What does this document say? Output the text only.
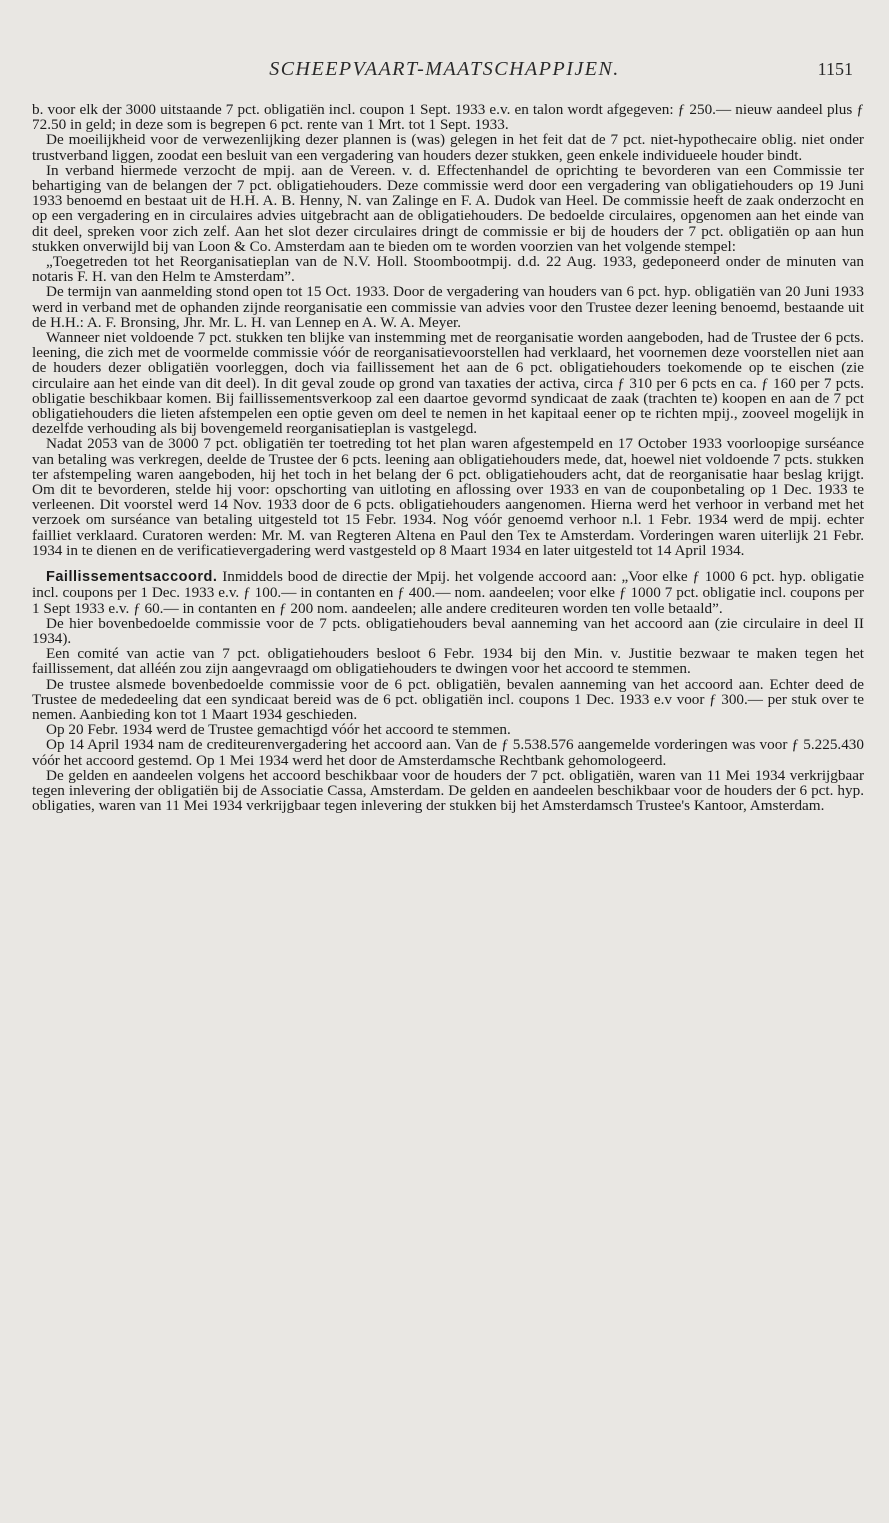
SCHEEPVAART-MAATSCHAPPIJEN.	1151

b. voor elk der 3000 uitstaande 7 pct. obligatiën incl. coupon 1 Sept. 1933 e.v. en talon wordt afgegeven: ƒ 250.— nieuw aandeel plus ƒ 72.50 in geld; in deze som is begrepen 6 pct. rente van 1 Mrt. tot 1 Sept. 1933.

De moeilijkheid voor de verwezenlijking dezer plannen is (was) gelegen in het feit dat de 7 pct. niet-hypothecaire oblig. niet onder trustverband liggen, zoodat een besluit van een vergadering van houders dezer stukken, geen enkele individueele houder bindt.

In verband hiermede verzocht de mpij. aan de Vereen. v. d. Effectenhandel de oprichting te bevorderen van een Commissie ter behartiging van de belangen der 7 pct. obligatiehouders. Deze commissie werd door een vergadering van obligatiehouders op 19 Juni 1933 benoemd en bestaat uit de H.H. A. B. Henny, N. van Zalinge en F. A. Dudok van Heel. De commissie heeft de zaak onderzocht en op een vergadering en in circulaires advies uitgebracht aan de obligatiehouders. De bedoelde circulaires, opgenomen aan het einde van dit deel, spreken voor zich zelf. Aan het slot dezer circulaires dringt de commissie er bij de houders der 7 pct. obligatiën op aan hun stukken onverwijld bij van Loon & Co. Amsterdam aan te bieden om te worden voorzien van het volgende stempel:

„Toegetreden tot het Reorganisatieplan van de N.V. Holl. Stoombootmpij. d.d. 22 Aug. 1933, gedeponeerd onder de minuten van notaris F. H. van den Helm te Amsterdam”.

De termijn van aanmelding stond open tot 15 Oct. 1933. Door de vergadering van houders van 6 pct. hyp. obligatiën van 20 Juni 1933 werd in verband met de ophanden zijnde reorganisatie een commissie van advies voor den Trustee dezer leening benoemd, bestaande uit de H.H.: A. F. Bronsing, Jhr. Mr. L. H. van Lennep en A. W. A. Meyer.

Wanneer niet voldoende 7 pct. stukken ten blijke van instemming met de reorganisatie worden aangeboden, had de Trustee der 6 pcts. leening, die zich met de voormelde commissie vóór de reorganisatievoorstellen had verklaard, het voornemen deze voorstellen niet aan de houders dezer obligatiën voorleggen, doch via faillissement het aan de 6 pct. obligatiehouders toekomende op te eischen (zie circulaire aan het einde van dit deel). In dit geval zoude op grond van taxaties der activa, circa ƒ 310 per 6 pcts en ca. ƒ 160 per 7 pcts. obligatie beschikbaar komen. Bij faillissementsverkoop zal een daartoe gevormd syndicaat de zaak (trachten te) koopen en aan de 7 pct obligatiehouders die lieten afstempelen een optie geven om deel te nemen in het kapitaal eener op te richten mpij., zooveel mogelijk in dezelfde verhouding als bij bovengemeld reorganisatieplan is vastgelegd.

Nadat 2053 van de 3000 7 pct. obligatiën ter toetreding tot het plan waren afgestempeld en 17 October 1933 voorloopige surséance van betaling was verkregen, deelde de Trustee der 6 pcts. leening aan obligatiehouders mede, dat, hoewel niet voldoende 7 pcts. stukken ter afstempeling waren aangeboden, hij het toch in het belang der 6 pct. obligatiehouders acht, dat de reorganisatie haar beslag krijgt. Om dit te bevorderen, stelde hij voor: opschorting van uitloting en aflossing over 1933 en van de couponbetaling op 1 Dec. 1933 te verleenen. Dit voorstel werd 14 Nov. 1933 door de 6 pcts. obligatiehouders aangenomen. Hierna werd het verhoor in verband met het verzoek om surséance van betaling uitgesteld tot 15 Febr. 1934. Nog vóór genoemd verhoor n.l. 1 Febr. 1934 werd de mpij. echter failliet verklaard. Curatoren werden: Mr. M. van Regteren Altena en Paul den Tex te Amsterdam. Vorderingen waren uiterlijk 21 Febr. 1934 in te dienen en de verificatievergadering werd vastgesteld op 8 Maart 1934 en later uitgesteld tot 14 April 1934.

Faillissementsaccoord. Inmiddels bood de directie der Mpij. het volgende accoord aan: „Voor elke ƒ 1000 6 pct. hyp. obligatie incl. coupons per 1 Dec. 1933 e.v. ƒ 100.— in contanten en ƒ 400.— nom. aandeelen; voor elke ƒ 1000 7 pct. obligatie incl. coupons per 1 Sept 1933 e.v. ƒ 60.— in contanten en ƒ 200 nom. aandeelen; alle andere crediteuren worden ten volle betaald”.

De hier bovenbedoelde commissie voor de 7 pcts. obligatiehouders beval aanneming van het accoord aan (zie circulaire in deel II 1934).

Een comité van actie van 7 pct. obligatiehouders besloot 6 Febr. 1934 bij den Min. v. Justitie bezwaar te maken tegen het faillissement, dat alléén zou zijn aangevraagd om obligatiehouders te dwingen voor het accoord te stemmen.

De trustee alsmede bovenbedoelde commissie voor de 6 pct. obligatiën, bevalen aanneming van het accoord aan. Echter deed de Trustee de mededeeling dat een syndicaat bereid was de 6 pct. obligatiën incl. coupons 1 Dec. 1933 e.v voor ƒ 300.— per stuk over te nemen. Aanbieding kon tot 1 Maart 1934 geschieden.

Op 20 Febr. 1934 werd de Trustee gemachtigd vóór het accoord te stemmen.

Op 14 April 1934 nam de crediteurenvergadering het accoord aan. Van de ƒ 5.538.576 aangemelde vorderingen was voor ƒ 5.225.430 vóór het accoord gestemd. Op 1 Mei 1934 werd het door de Amsterdamsche Rechtbank gehomologeerd.

De gelden en aandeelen volgens het accoord beschikbaar voor de houders der 7 pct. obligatiën, waren van 11 Mei 1934 verkrijgbaar tegen inlevering der obligatiën bij de Associatie Cassa, Amsterdam. De gelden en aandeelen beschikbaar voor de houders der 6 pct. hyp. obligaties, waren van 11 Mei 1934 verkrijgbaar tegen inlevering der stukken bij het Amsterdamsch Trustee's Kantoor, Amsterdam.
